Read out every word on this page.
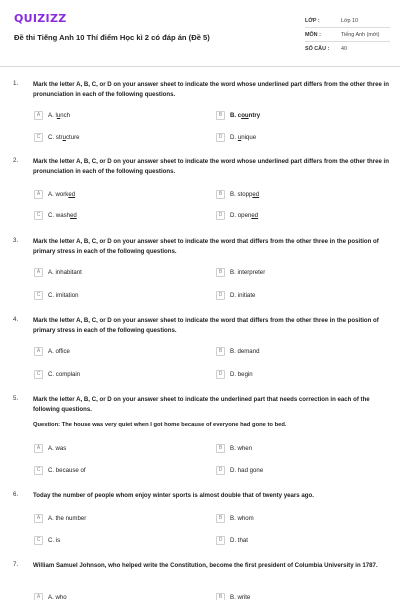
QUIZIZZ
Đề thi Tiếng Anh 10 Thí điểm Học kì 2 có đáp án (Đề 5)
LỚP :	Lớp 10
MÔN :	Tiếng Anh (mới)
SỐ CÂU :	40
1. Mark the letter A, B, C, or D on your answer sheet to indicate the word whose underlined part differs from the other three in pronunciation in each of the following questions.
A	A. lunch	B	B. country
C	C. structure	D	D. unique
2. Mark the letter A, B, C, or D on your answer sheet to indicate the word whose underlined part differs from the other three in pronunciation in each of the following questions.
A	A. worked	B	B. stopped
C	C. washed	D	D. opened
3. Mark the letter A, B, C, or D on your answer sheet to indicate the word that differs from the other three in the position of primary stress in each of the following questions.
A	A. inhabitant	B	B. interpreter
C	C. imitation	D	D. initiate
4. Mark the letter A, B, C, or D on your answer sheet to indicate the word that differs from the other three in the position of primary stress in each of the following questions.
A	A. office	B	B. demand
C	C. complain	D	D. begin
5. Mark the letter A, B, C, or D on your answer sheet to indicate the underlined part that needs correction in each of the following questions.
Question: The house was very quiet when I got home because of everyone had gone to bed.
A	A. was	B	B. when
C	C. because of	D	D. had gone
6. Today the number of people whom enjoy winter sports is almost double that of twenty years ago.
A	A. the number	B	B. whom
C	C. is	D	D. that
7. William Samuel Johnson, who helped write the Constitution, become the first president of Columbia University in 1787.
A	A. who	B	B. write
